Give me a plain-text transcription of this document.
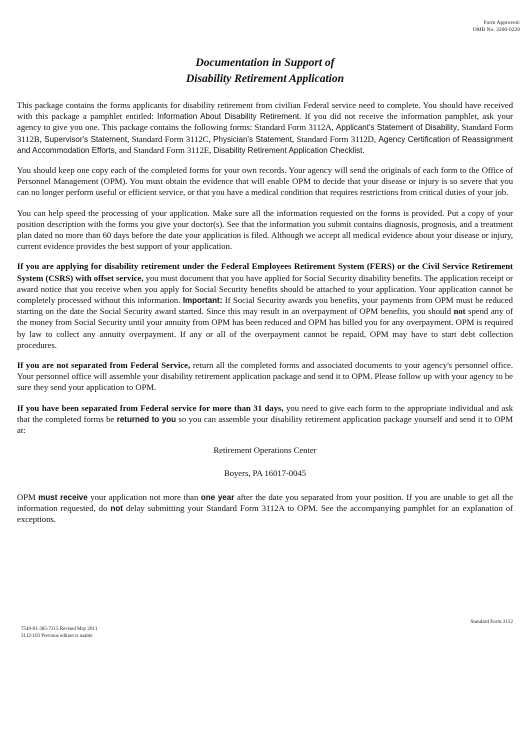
Form Approved:
OMB No. 3206-0228
Documentation in Support of
Disability Retirement Application

This package contains the forms applicants for disability retirement from civilian Federal service need to complete. You should have received with this package a pamphlet entitled: Information About Disability Retirement. If you did not receive the information pamphlet, ask your agency to give you one. This package contains the following forms: Standard Form 3112A, Applicant's Statement of Disability, Standard Form 3112B, Supervisor's Statement, Standard Form 3112C, Physician's Statement, Standard Form 3112D, Agency Certification of Reassignment and Accommodation Efforts, and Standard Form 3112E, Disability Retirement Application Checklist.

You should keep one copy each of the completed forms for your own records. Your agency will send the originals of each form to the Office of Personnel Management (OPM). You must obtain the evidence that will enable OPM to decide that your disease or injury is so severe that you can no longer perform useful or efficient service, or that you have a medical condition that requires restrictions from critical duties of your job.

You can help speed the processing of your application. Make sure all the information requested on the forms is provided. Put a copy of your position description with the forms you give your doctor(s). See that the information you submit contains diagnosis, prognosis, and a treatment plan dated no more than 60 days before the date your application is filed. Although we accept all medical evidence about your disease or injury, current evidence provides the best support of your application.

If you are applying for disability retirement under the Federal Employees Retirement System (FERS) or the Civil Service Retirement System (CSRS) with offset service, you must document that you have applied for Social Security disability benefits. The application receipt or award notice that you receive when you apply for Social Security benefits should be attached to your application. Your application cannot be completely processed without this information. Important: If Social Security awards you benefits, your payments from OPM must be reduced starting on the date the Social Security award started. Since this may result in an overpayment of OPM benefits, you should not spend any of the money from Social Security until your annuity from OPM has been reduced and OPM has billed you for any overpayment. OPM is required by law to collect any annuity overpayment. If any or all of the overpayment cannot be repaid, OPM may have to start debt collection procedures.

If you are not separated from Federal Service, return all the completed forms and associated documents to your agency's personnel office. Your personnel office will assemble your disability retirement application package and send it to OPM. Please follow up with your agency to be sure they send your application to OPM.

If you have been separated from Federal service for more than 31 days, you need to give each form to the appropriate individual and ask that the completed forms be returned to you so you can assemble your disability retirement application package yourself and send it to OPM at:

Retirement Operations Center
Boyers, PA 16017-0045

OPM must receive your application not more than one year after the date you separated from your position. If you are unable to get all the information requested, do not delay submitting your Standard Form 3112A to OPM. See the accompanying pamphlet for an explanation of exceptions.

Standard Form 3112
7540-01-385-7215 Revised May 2011
3112-103 Previous edition is usable
